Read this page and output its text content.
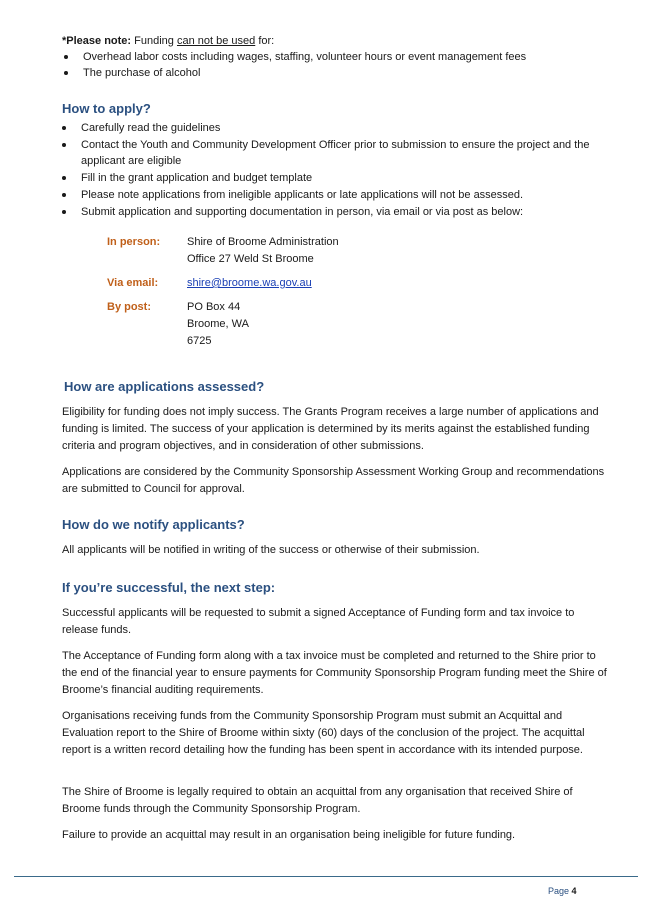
*Please note: Funding can not be used for:
Overhead labor costs including wages, staffing, volunteer hours or event management fees
The purchase of alcohol
How to apply?
Carefully read the guidelines
Contact the Youth and Community Development Officer prior to submission to ensure the project and the applicant are eligible
Fill in the grant application and budget template
Please note applications from ineligible applicants or late applications will not be assessed.
Submit application and supporting documentation in person, via email or via post as below:
In person:	Shire of Broome Administration
Office 27 Weld St Broome
Via email:	shire@broome.wa.gov.au
By post:	PO Box 44
Broome, WA
6725
How are applications assessed?

Eligibility for funding does not imply success. The Grants Program receives a large number of applications and funding is limited. The success of your application is determined by its merits against the established funding criteria and program objectives, and in consideration of other submissions.

Applications are considered by the Community Sponsorship Assessment Working Group and recommendations are submitted to Council for approval.

How do we notify applicants?

All applicants will be notified in writing of the success or otherwise of their submission.

If you’re successful, the next step:

Successful applicants will be requested to submit a signed Acceptance of Funding form and tax invoice to release funds.

The Acceptance of Funding form along with a tax invoice must be completed and returned to the Shire prior to the end of the financial year to ensure payments for Community Sponsorship Program funding meet the Shire of Broome’s financial auditing requirements.

Organisations receiving funds from the Community Sponsorship Program must submit an Acquittal and Evaluation report to the Shire of Broome within sixty (60) days of the conclusion of the project. The acquittal report is a written record detailing how the funding has been spent in accordance with its intended purpose.

The Shire of Broome is legally required to obtain an acquittal from any organisation that received Shire of Broome funds through the Community Sponsorship Program.

Failure to provide an acquittal may result in an organisation being ineligible for future funding.

Page 4
